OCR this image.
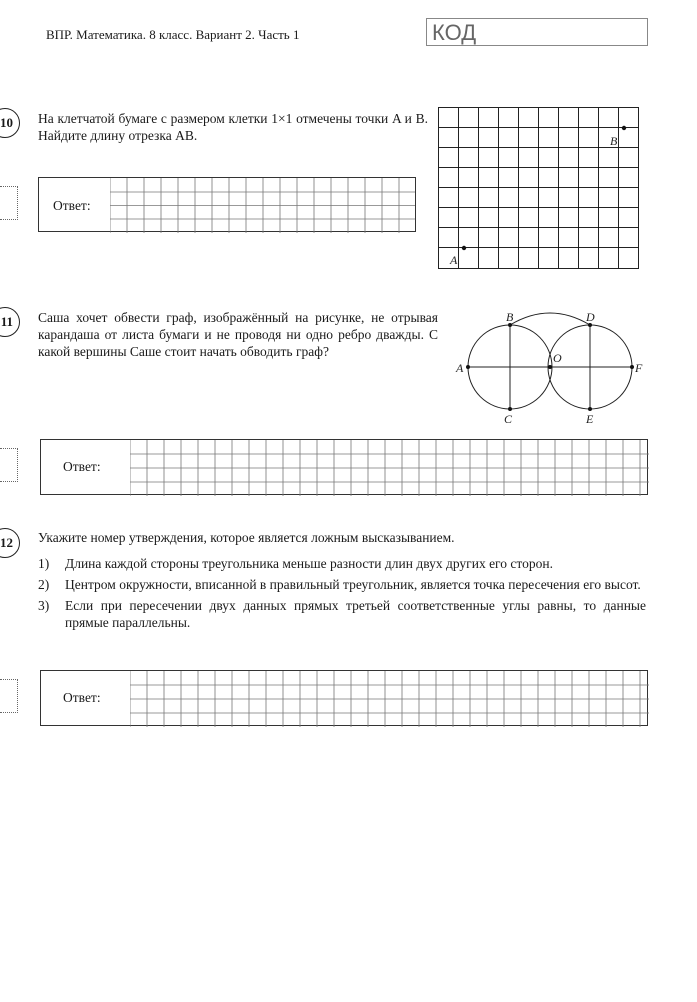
ВПР. Математика. 8 класс. Вариант 2. Часть 1	КОД
10	На клетчатой бумаге с размером клетки 1×1 отмечены точки A и B. Найдите длину отрезка AB.
Ответ:
B
A
11	Саша хочет обвести граф, изображённый на рисунке, не отрывая карандаша от листа бумаги и не проводя ни одно ребро дважды. С какой вершины Саше стоит начать обводить граф?
A
B
C
O
D
E
F
Ответ:
12	Укажите номер утверждения, которое является ложным высказыванием.
1) Длина каждой стороны треугольника меньше разности длин двух других его сторон.
2) Центром окружности, вписанной в правильный треугольник, является точка пересечения его высот.
3) Если при пересечении двух данных прямых третьей соответственные углы равны, то данные прямые параллельны.
Ответ:
